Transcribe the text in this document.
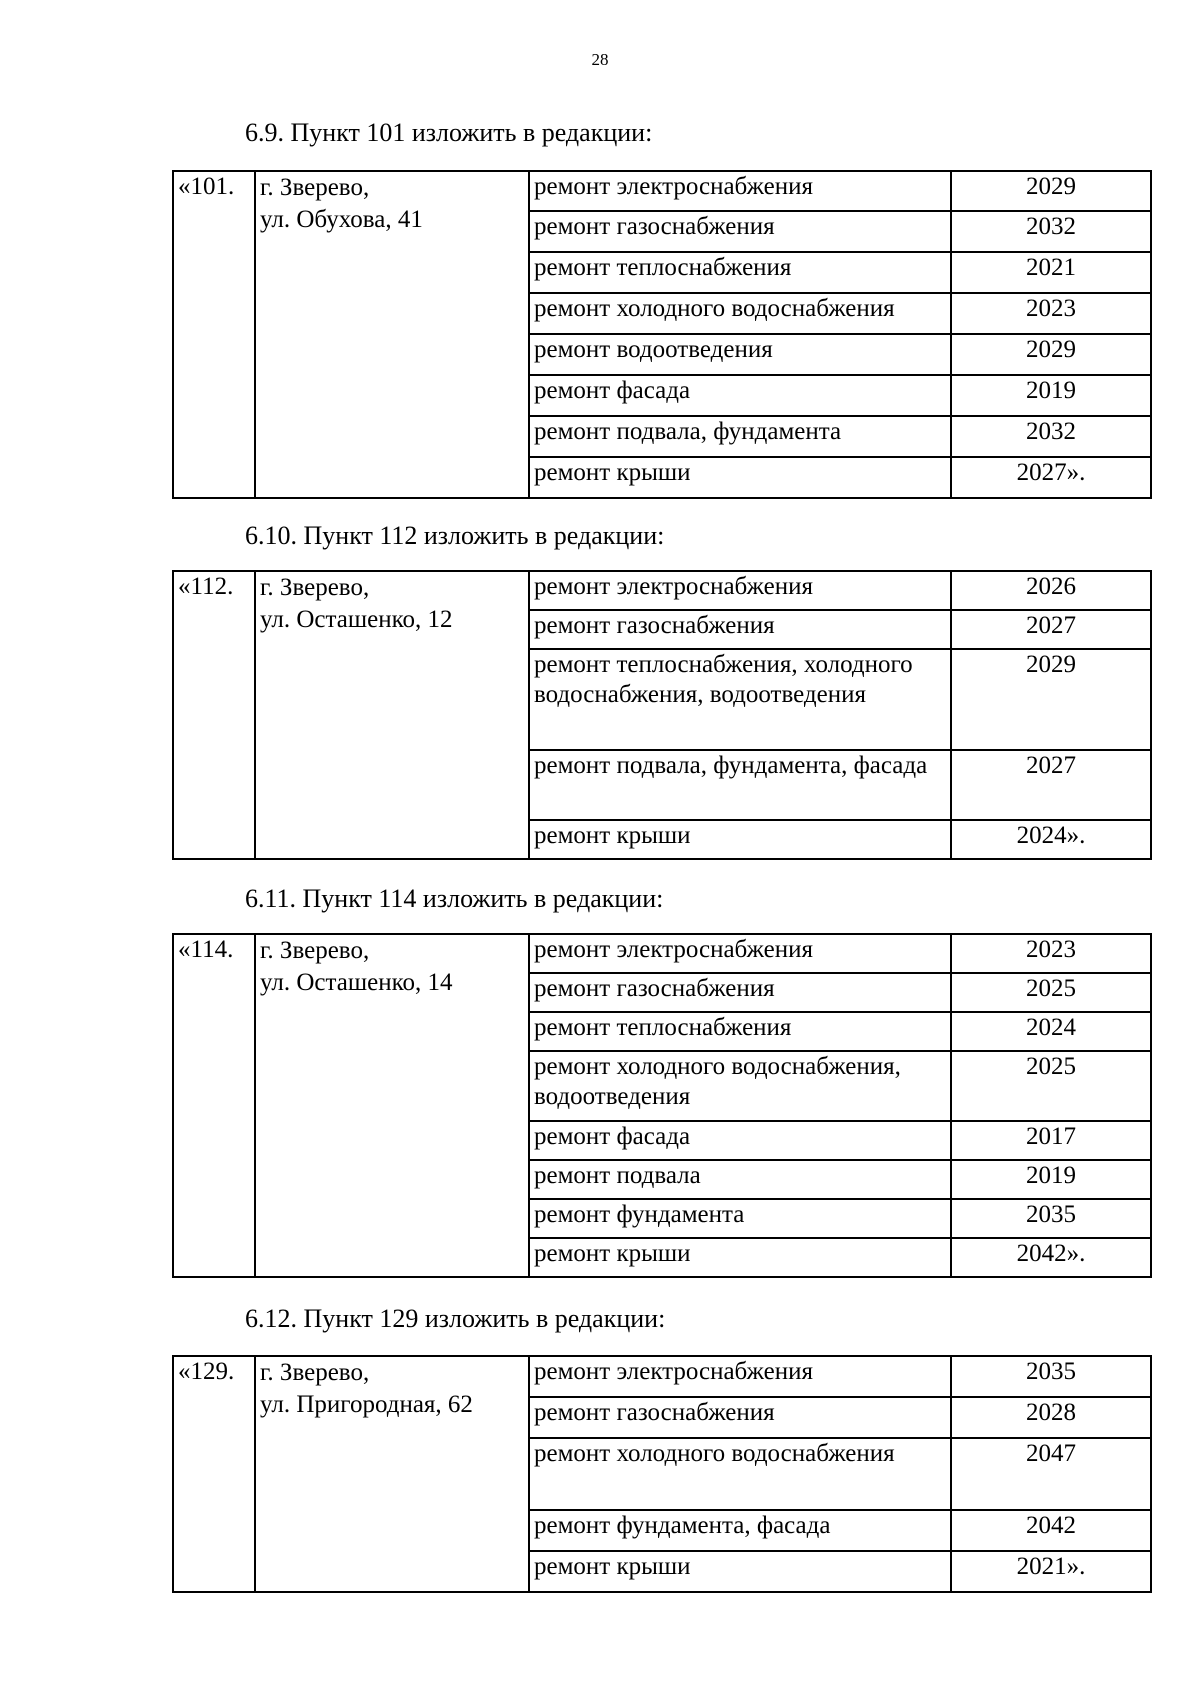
28
6.9. Пункт 101 изложить в редакции:
«101.	г. Зверево,
ул. Обухова, 41	ремонт электроснабжения	2029
		ремонт газоснабжения	2032
		ремонт теплоснабжения	2021
		ремонт холодного водоснабжения	2023
		ремонт водоотведения	2029
		ремонт фасада	2019
		ремонт подвала, фундамента	2032
		ремонт крыши	2027».
6.10. Пункт 112 изложить в редакции:
«112.	г. Зверево,
ул. Осташенко, 12	ремонт электроснабжения	2026
		ремонт газоснабжения	2027
		ремонт теплоснабжения, холодного водоснабжения, водоотведения	2029
		ремонт подвала, фундамента, фасада	2027
		ремонт крыши	2024».
6.11. Пункт 114 изложить в редакции:
«114.	г. Зверево,
ул. Осташенко, 14	ремонт электроснабжения	2023
		ремонт газоснабжения	2025
		ремонт теплоснабжения	2024
		ремонт холодного водоснабжения, водоотведения	2025
		ремонт фасада	2017
		ремонт подвала	2019
		ремонт фундамента	2035
		ремонт крыши	2042».
6.12. Пункт 129 изложить в редакции:
«129.	г. Зверево,
ул. Пригородная, 62	ремонт электроснабжения	2035
		ремонт газоснабжения	2028
		ремонт холодного водоснабжения	2047
		ремонт фундамента, фасада	2042
		ремонт крыши	2021».
